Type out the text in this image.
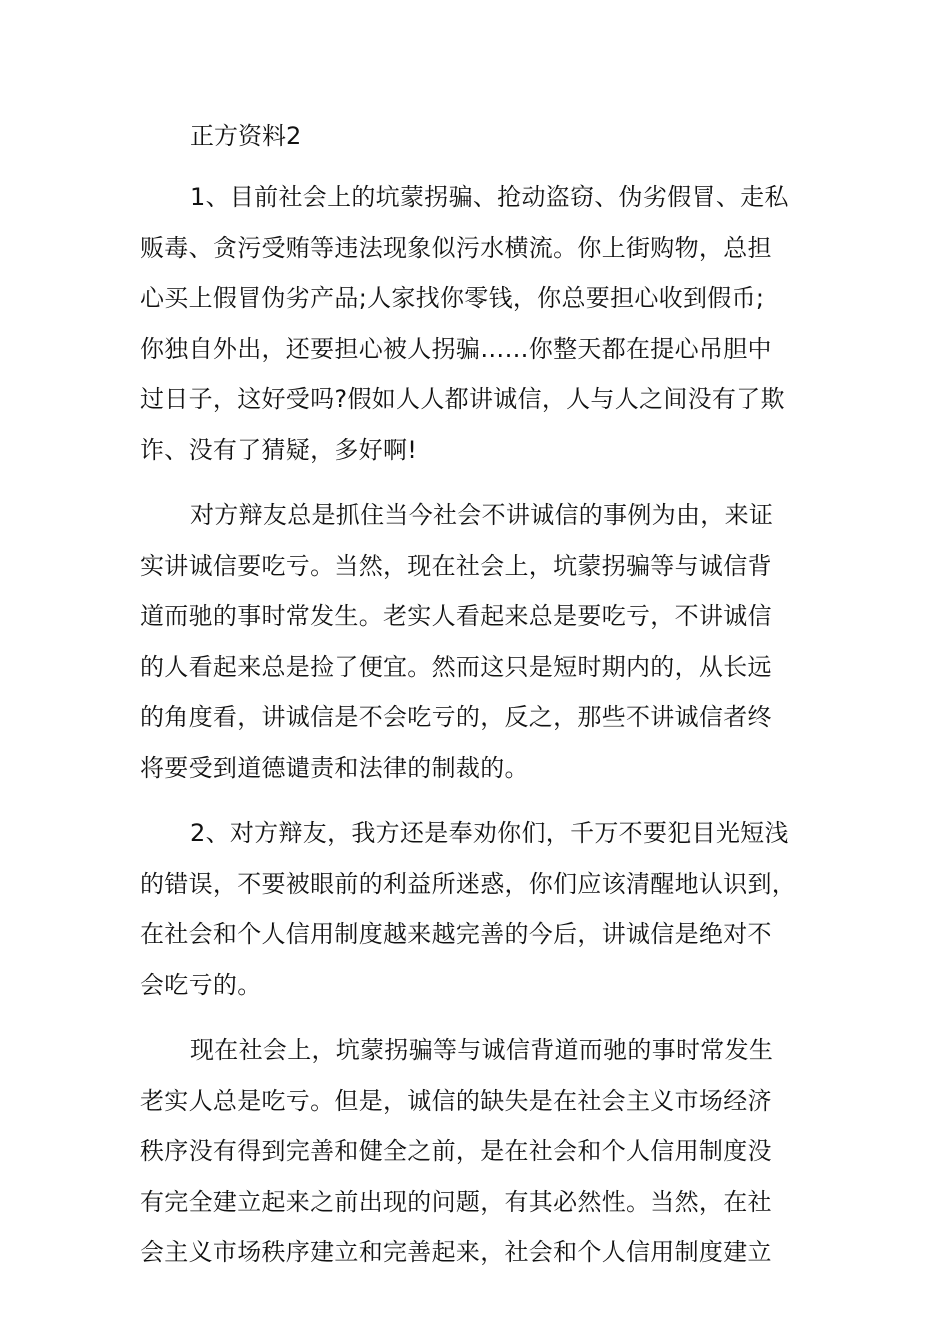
正方资料2

1、目前社会上的坑蒙拐骗、抢动盗窃、伪劣假冒、走私
贩毒、贪污受贿等违法现象似污水横流。你上街购物，总担
心买上假冒伪劣产品;人家找你零钱，你总要担心收到假币;
你独自外出，还要担心被人拐骗……你整天都在提心吊胆中
过日子，这好受吗?假如人人都讲诚信，人与人之间没有了欺
诈、没有了猜疑，多好啊!

对方辩友总是抓住当今社会不讲诚信的事例为由，来证
实讲诚信要吃亏。当然，现在社会上，坑蒙拐骗等与诚信背
道而驰的事时常发生。老实人看起来总是要吃亏，不讲诚信
的人看起来总是捡了便宜。然而这只是短时期内的，从长远
的角度看，讲诚信是不会吃亏的，反之，那些不讲诚信者终
将要受到道德谴责和法律的制裁的。

2、对方辩友，我方还是奉劝你们，千万不要犯目光短浅
的错误，不要被眼前的利益所迷惑，你们应该清醒地认识到，
在社会和个人信用制度越来越完善的今后，讲诚信是绝对不
会吃亏的。

现在社会上，坑蒙拐骗等与诚信背道而驰的事时常发生
老实人总是吃亏。但是，诚信的缺失是在社会主义市场经济
秩序没有得到完善和健全之前，是在社会和个人信用制度没
有完全建立起来之前出现的问题，有其必然性。当然，在社
会主义市场秩序建立和完善起来，社会和个人信用制度建立
